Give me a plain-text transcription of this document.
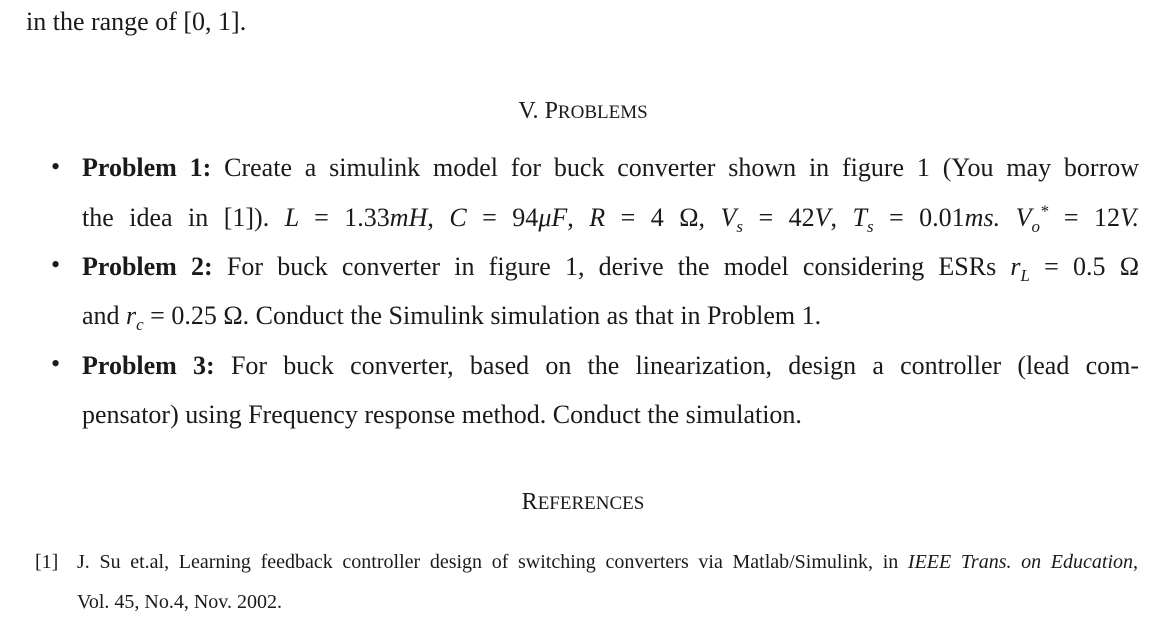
in the range of [0, 1].
V. PROBLEMS
• Problem 1: Create a simulink model for buck converter shown in figure 1 (You may borrow
the idea in [1]). L = 1.33mH, C = 94μF, R = 4 Ω, $V_s = 42V$, $T_s = 0.01ms$. $V_o^* = 12V$.
• Problem 2: For buck converter in figure 1, derive the model considering ESRs $r_L = 0.5$ Ω
and $r_c = 0.25$ Ω. Conduct the Simulink simulation as that in Problem 1.
• Problem 3: For buck converter, based on the linearization, design a controller (lead com-
pensator) using Frequency response method. Conduct the simulation.
REFERENCES
[1] J. Su et.al, Learning feedback controller design of switching converters via Matlab/Simulink, in IEEE Trans. on Education,
Vol. 45, No.4, Nov. 2002.
